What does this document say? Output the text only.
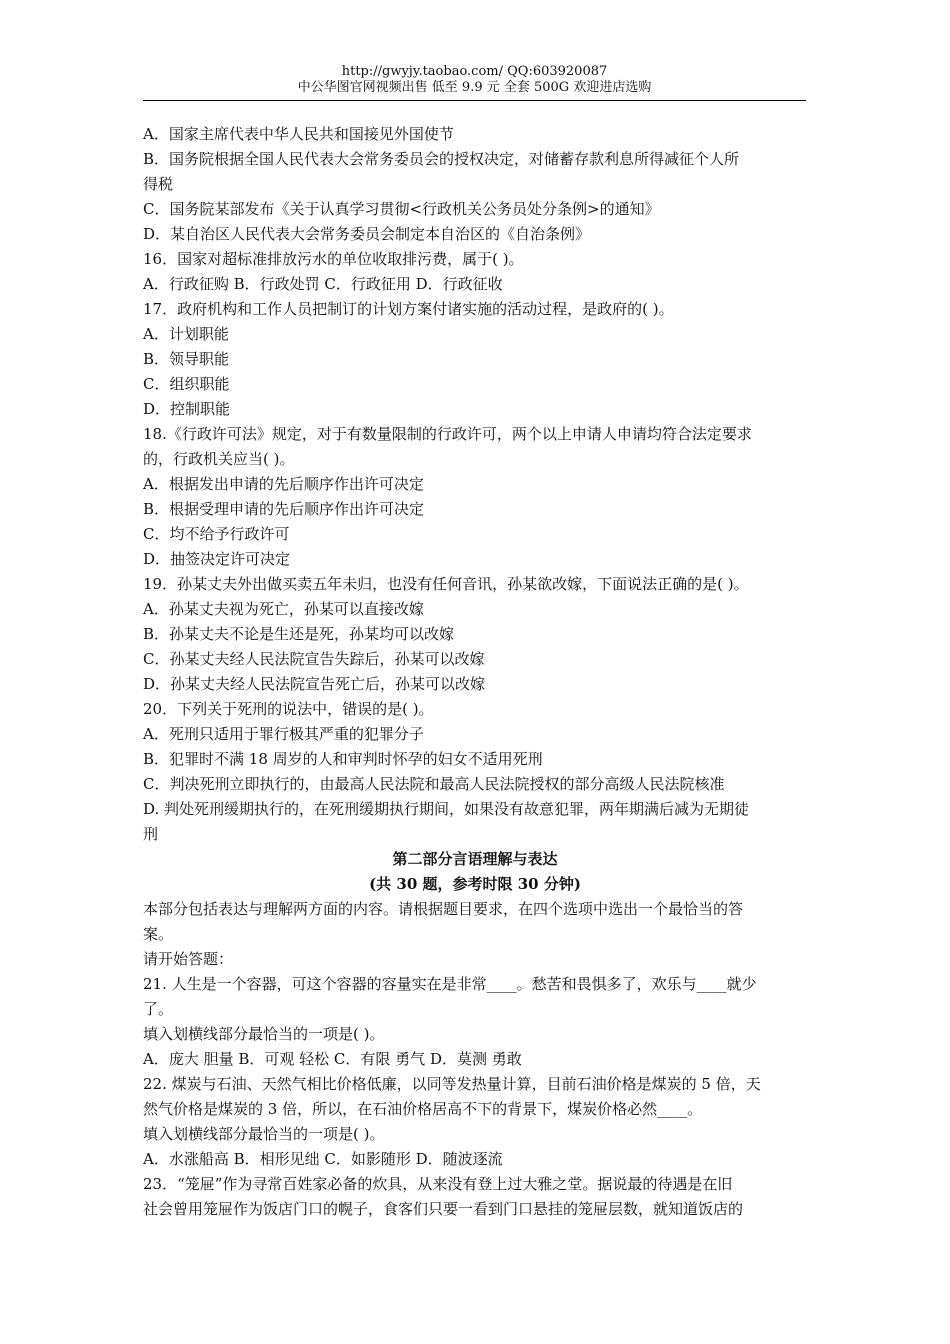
http://gwyjy.taobao.com/ QQ:603920087
中公华图官网视频出售 低至 9.9 元 全套 500G 欢迎进店选购
A．国家主席代表中华人民共和国接见外国使节
B．国务院根据全国人民代表大会常务委员会的授权决定，对储蓄存款利息所得减征个人所
得税
C．国务院某部发布《关于认真学习贯彻<行政机关公务员处分条例>的通知》
D．某自治区人民代表大会常务委员会制定本自治区的《自治条例》
16．国家对超标准排放污水的单位收取排污费，属于( )。
A．行政征购 B．行政处罚 C．行政征用 D．行政征收
17．政府机构和工作人员把制订的计划方案付诸实施的活动过程，是政府的( )。
A．计划职能
B．领导职能
C．组织职能
D．控制职能
18.《行政许可法》规定，对于有数量限制的行政许可，两个以上申请人申请均符合法定要求
的，行政机关应当( )。
A．根据发出申请的先后顺序作出许可决定
B．根据受理申请的先后顺序作出许可决定
C．均不给予行政许可
D．抽签决定许可决定
19．孙某丈夫外出做买卖五年未归，也没有任何音讯，孙某欲改嫁，下面说法正确的是( )。
A．孙某丈夫视为死亡，孙某可以直接改嫁
B．孙某丈夫不论是生还是死，孙某均可以改嫁
C．孙某丈夫经人民法院宣告失踪后，孙某可以改嫁
D．孙某丈夫经人民法院宣告死亡后，孙某可以改嫁
20．下列关于死刑的说法中，错误的是( )。
A．死刑只适用于罪行极其严重的犯罪分子
B．犯罪时不满 18 周岁的人和审判时怀孕的妇女不适用死刑
C．判决死刑立即执行的，由最高人民法院和最高人民法院授权的部分高级人民法院核准
D. 判处死刑缓期执行的，在死刑缓期执行期间，如果没有故意犯罪，两年期满后减为无期徒
刑
第二部分言语理解与表达
(共 30 题，参考时限 30 分钟)
本部分包括表达与理解两方面的内容。请根据题目要求，在四个选项中选出一个最恰当的答
案。
请开始答题：
21. 人生是一个容器，可这个容器的容量实在是非常____。愁苦和畏惧多了，欢乐与____就少
了。
填入划横线部分最恰当的一项是( )。
A．庞大 胆量 B．可观 轻松 C．有限 勇气 D．莫测 勇敢
22. 煤炭与石油、天然气相比价格低廉，以同等发热量计算，目前石油价格是煤炭的 5 倍，天
然气价格是煤炭的 3 倍，所以，在石油价格居高不下的背景下，煤炭价格必然____。
填入划横线部分最恰当的一项是( )。
A．水涨船高 B．相形见绌 C．如影随形 D．随波逐流
23．“笼屉”作为寻常百姓家必备的炊具，从来没有登上过大雅之堂。据说最的待遇是在旧
社会曾用笼屉作为饭店门口的幌子，食客们只要一看到门口悬挂的笼屉层数，就知道饭店的
